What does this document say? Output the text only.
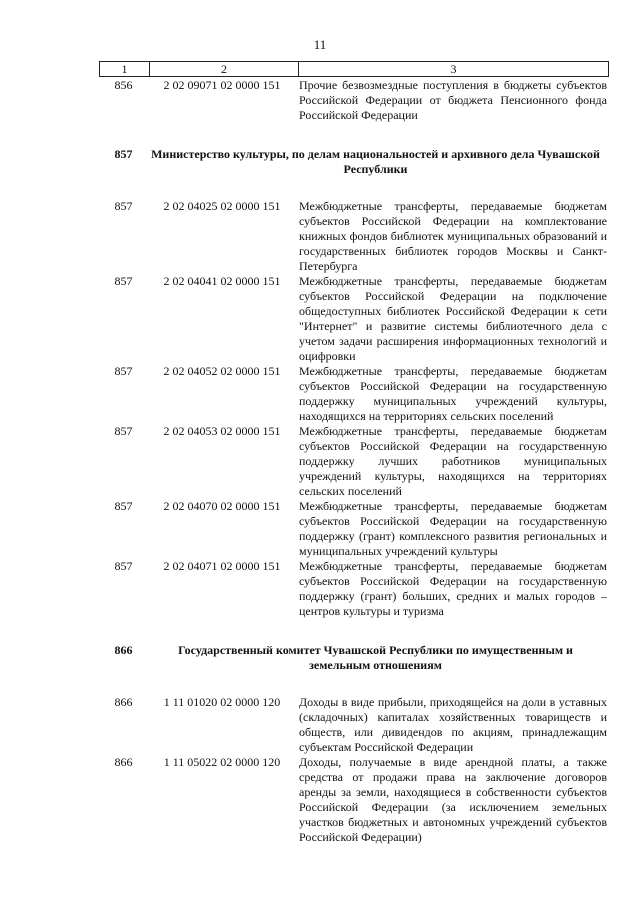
11
1	2	3
856	2 02 09071 02 0000 151	Прочие безвозмездные поступления в бюджеты субъектов Российской Федерации от бюджета Пенсионного фонда Российской Федерации
857	Министерство культуры, по делам национальностей и архивного дела Чувашской Республики
857	2 02 04025 02 0000 151	Межбюджетные трансферты, передаваемые бюджетам субъектов Российской Федерации на комплектование книжных фондов библиотек муниципальных образований и государственных библиотек городов Москвы и Санкт-Петербурга
857	2 02 04041 02 0000 151	Межбюджетные трансферты, передаваемые бюджетам субъектов Российской Федерации на подключение общедоступных библиотек Российской Федерации к сети "Интернет" и развитие системы библиотечного дела с учетом задачи расширения информационных технологий и оцифровки
857	2 02 04052 02 0000 151	Межбюджетные трансферты, передаваемые бюджетам субъектов Российской Федерации на государственную поддержку муниципальных учреждений культуры, находящихся на территориях сельских поселений
857	2 02 04053 02 0000 151	Межбюджетные трансферты, передаваемые бюджетам субъектов Российской Федерации на государственную поддержку лучших работников муниципальных учреждений культуры, находящихся на территориях сельских поселений
857	2 02 04070 02 0000 151	Межбюджетные трансферты, передаваемые бюджетам субъектов Российской Федерации на государственную поддержку (грант) комплексного развития региональных и муниципальных учреждений культуры
857	2 02 04071 02 0000 151	Межбюджетные трансферты, передаваемые бюджетам субъектов Российской Федерации на государственную поддержку (грант) больших, средних и малых городов – центров культуры и туризма
866	Государственный комитет Чувашской Республики по имущественным и земельным отношениям
866	1 11 01020 02 0000 120	Доходы в виде прибыли, приходящейся на доли в уставных (складочных) капиталах хозяйственных товариществ и обществ, или дивидендов по акциям, принадлежащим субъектам Российской Федерации
866	1 11 05022 02 0000 120	Доходы, получаемые в виде арендной платы, а также средства от продажи права на заключение договоров аренды за земли, находящиеся в собственности субъектов Российской Федерации (за исключением земельных участков бюджетных и автономных учреждений субъектов Российской Федерации)
